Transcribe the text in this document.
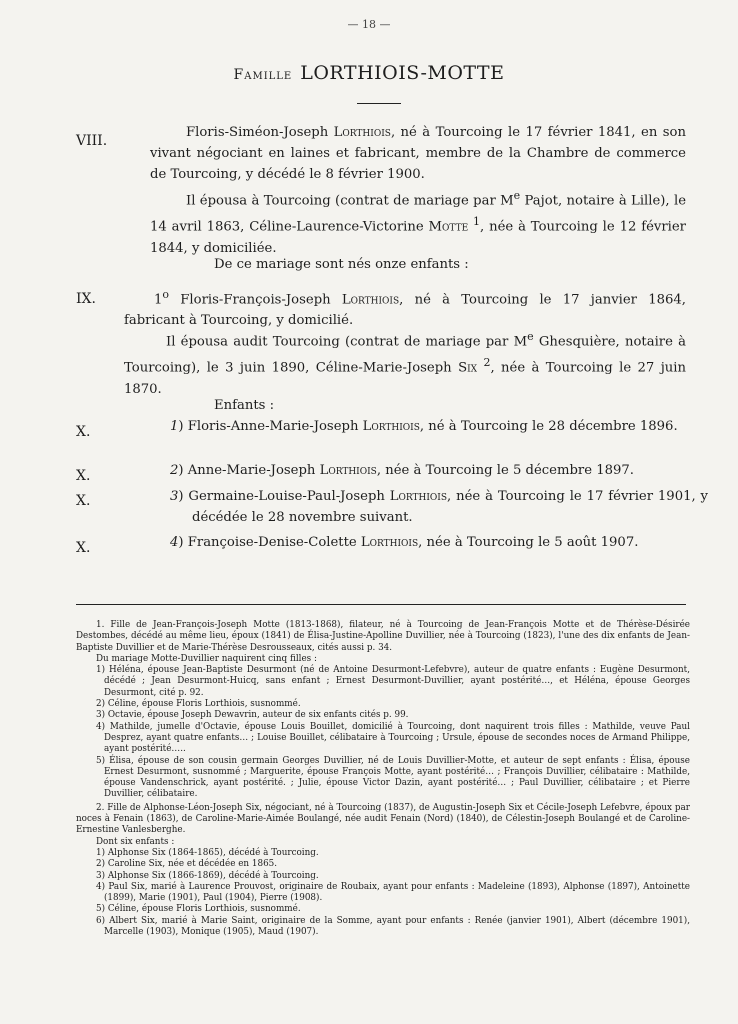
— 18 —
Famille LORTHIOIS-MOTTE
VIII.
Floris-Siméon-Joseph Lorthiois, né à Tourcoing le 17 février 1841, en son vivant négociant en laines et fabricant, membre de la Chambre de commerce de Tourcoing, y décédé le 8 février 1900.
Il épousa à Tourcoing (contrat de mariage par Me Pajot, notaire à Lille), le 14 avril 1863, Céline-Laurence-Victorine Motte $^1$, née à Tourcoing le 12 février 1844, y domiciliée.
De ce mariage sont nés onze enfants :
IX.	1$^o$ Floris-François-Joseph Lorthiois, né à Tourcoing le 17 janvier 1864, fabricant à Tourcoing, y domicilié.
Il épousa audit Tourcoing (contrat de mariage par Me Ghesquière, notaire à Tourcoing), le 3 juin 1890, Céline-Marie-Joseph Six $^2$, née à Tourcoing le 27 juin 1870.
Enfants :
X.	1) Floris-Anne-Marie-Joseph Lorthiois, né à Tourcoing le 28 décembre 1896.
X.	2) Anne-Marie-Joseph Lorthiois, née à Tourcoing le 5 décembre 1897.
X.	3) Germaine-Louise-Paul-Joseph Lorthiois, née à Tourcoing le 17 février 1901, y décédée le 28 novembre suivant.
X.	4) Françoise-Denise-Colette Lorthiois, née à Tourcoing le 5 août 1907.

1. Fille de Jean-François-Joseph Motte (1813-1868), filateur, né à Tourcoing de Jean-François Motte et de Thérèse-Désirée Destombes, décédé au même lieu, époux (1841) de Élisa-Justine-Apolline Duvillier, née à Tourcoing (1823), l'une des dix enfants de Jean-Baptiste Duvillier et de Marie-Thérèse Desrousseaux, cités aussi p. 34.

Du mariage Motte-Duvillier naquirent cinq filles :

1) Héléna, épouse Jean-Baptiste Desurmont (né de Antoine Desurmont-Lefebvre), auteur de quatre enfants : Eugène Desurmont, décédé ; Jean Desurmont-Huicq, sans enfant ; Ernest Desurmont-Duvillier, ayant postérité…, et Héléna, épouse Georges Desurmont, cité p. 92.

2) Céline, épouse Floris Lorthiois, susnommé.

3) Octavie, épouse Joseph Dewavrin, auteur de six enfants cités p. 99.

4) Mathilde, jumelle d'Octavie, épouse Louis Bouillet, domicilié à Tourcoing, dont naquirent trois filles : Mathilde, veuve Paul Desprez, ayant quatre enfants… ; Louise Bouillet, célibataire à Tourcoing ; Ursule, épouse de secondes noces de Armand Philippe, ayant postérité…..

5) Élisa, épouse de son cousin germain Georges Duvillier, né de Louis Duvillier-Motte, et auteur de sept enfants : Élisa, épouse Ernest Desurmont, susnommé ; Marguerite, épouse François Motte, ayant postérité… ; François Duvillier, célibataire : Mathilde, épouse Vandenschrick, ayant postérité. ; Julie, épouse Victor Dazin, ayant postérité… ; Paul Duvillier, célibataire ; et Pierre Duvillier, célibataire.

2. Fille de Alphonse-Léon-Joseph Six, négociant, né à Tourcoing (1837), de Augustin-Joseph Six et Cécile-Joseph Lefebvre, époux par noces à Fenain (1863), de Caroline-Marie-Aimée Boulangé, née audit Fenain (Nord) (1840), de Célestin-Joseph Boulangé et de Caroline-Ernestine Vanlesberghe.

Dont six enfants :

1) Alphonse Six (1864-1865), décédé à Tourcoing.

2) Caroline Six, née et décédée en 1865.

3) Alphonse Six (1866-1869), décédé à Tourcoing.

4) Paul Six, marié à Laurence Prouvost, originaire de Roubaix, ayant pour enfants : Madeleine (1893), Alphonse (1897), Antoinette (1899), Marie (1901), Paul (1904), Pierre (1908).

5) Céline, épouse Floris Lorthiois, susnommé.

6) Albert Six, marié à Marie Saint, originaire de la Somme, ayant pour enfants : Renée (janvier 1901), Albert (décembre 1901), Marcelle (1903), Monique (1905), Maud (1907).
